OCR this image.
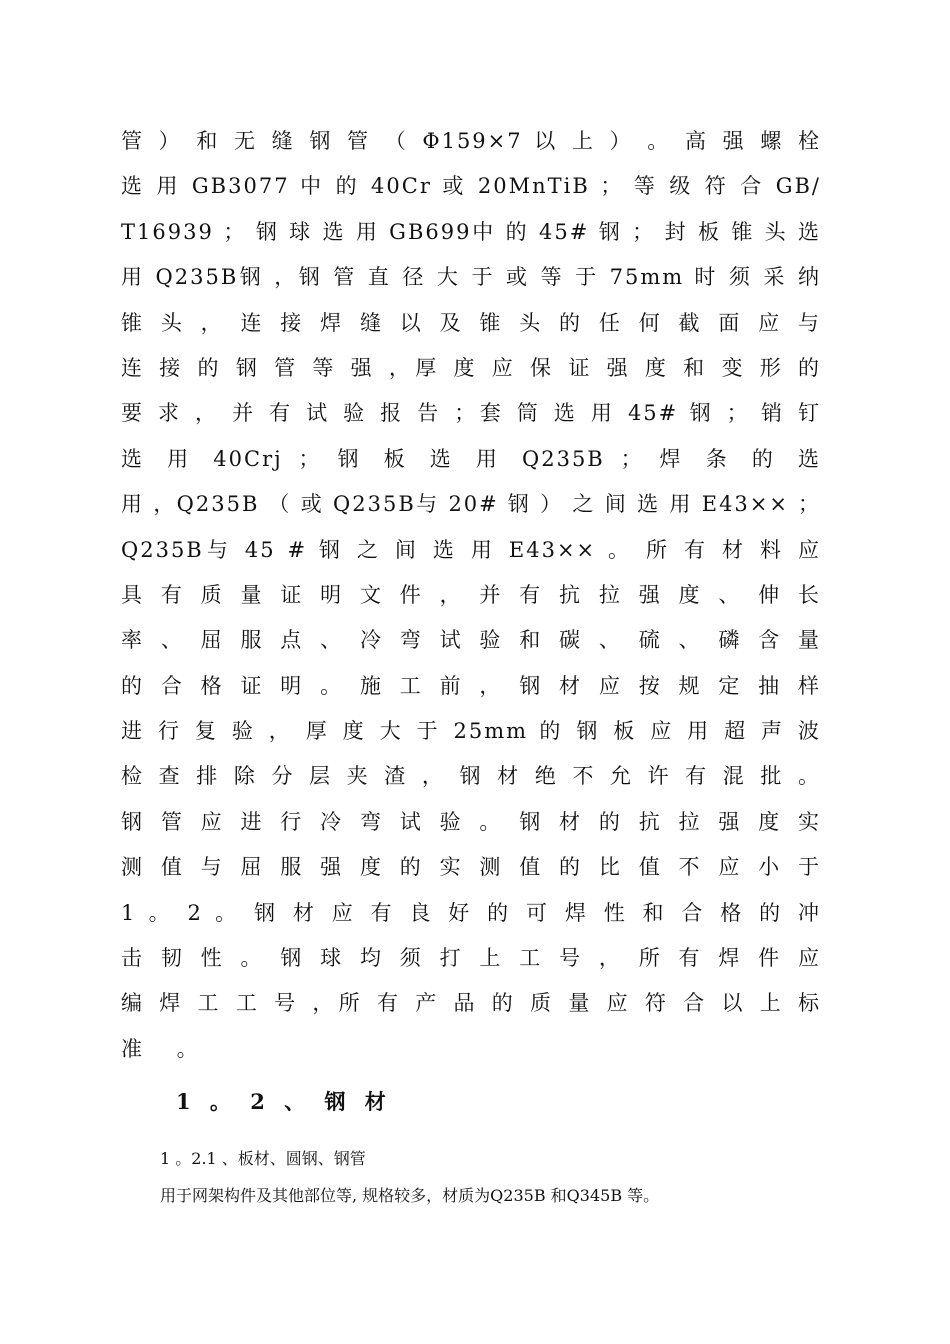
管 ） 和 无 缝 钢 管 （ Φ159×7 以 上 ） 。 高 强 螺 栓
选 用 GB3077 中 的 40Cr 或 20MnTiB ； 等 级 符 合 GB/
T16939 ； 钢 球 选 用 GB699中 的 45# 钢 ； 封 板 锥 头 选
用 Q235B钢 ，钢 管 直 径 大 于 或 等 于 75mm 时 须 采 纳
锥 头 ， 连 接 焊 缝 以 及 锥 头 的 任 何 截 面 应 与
连 接 的 钢 管 等 强 ，厚 度 应 保 证 强 度 和 变 形 的
要 求 ， 并 有 试 验 报 告 ；套 筒 选 用 45# 钢 ； 销 钉
选 用 40Crj ； 钢 板 选 用 Q235B ； 焊 条 的 选
用 ，Q235B （ 或 Q235B与 20# 钢 ） 之 间 选 用 E43×× ；
Q235B与 45 # 钢 之 间 选 用 E43×× 。 所 有 材 料 应
具 有 质 量 证 明 文 件 ， 并 有 抗 拉 强 度 、 伸 长
率 、 屈 服 点 、 冷 弯 试 验 和 碳 、 硫 、 磷 含 量
的 合 格 证 明 。 施 工 前 ， 钢 材 应 按 规 定 抽 样
进 行 复 验 ， 厚 度 大 于 25mm 的 钢 板 应 用 超 声 波
检 查 排 除 分 层 夹 渣 ， 钢 材 绝 不 允 许 有 混 批 。
钢 管 应 进 行 冷 弯 试 验 。 钢 材 的 抗 拉 强 度 实
测 值 与 屈 服 强 度 的 实 测 值 的 比 值 不 应 小 于
1 。 2 。 钢 材 应 有 良 好 的 可 焊 性 和 合 格 的 冲
击 韧 性 。 钢 球 均 须 打 上 工 号 ， 所 有 焊 件 应
编 焊 工 工 号 ，所 有 产 品 的 质 量 应 符 合 以 上 标
准 。
1 。 2 、 钢 材
1 。2.1 、板材、圆钢、钢管
用于网架构件及其他部位等, 规格较多，材质为Q235B 和Q345B 等。
